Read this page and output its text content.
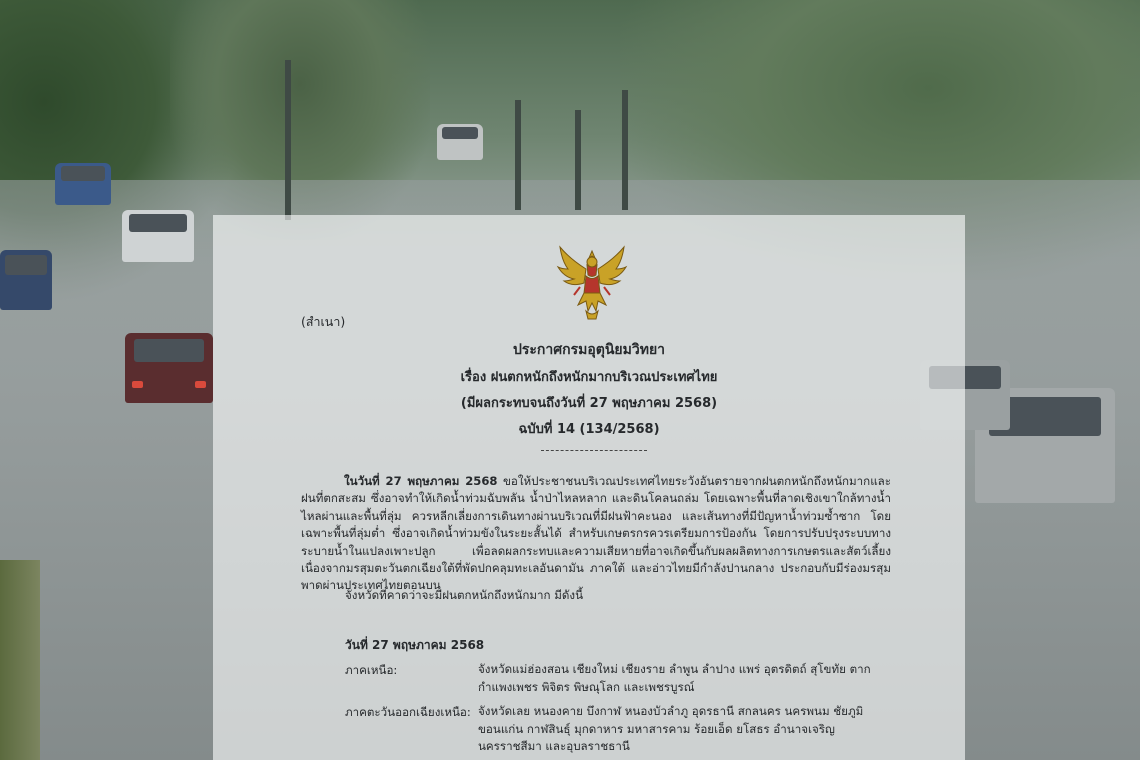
(สำเนา)
ประกาศกรมอุตุนิยมวิทยา
เรื่อง ฝนตกหนักถึงหนักมากบริเวณประเทศไทย
(มีผลกระทบจนถึงวันที่ 27 พฤษภาคม 2568)
ฉบับที่ 14 (134/2568)
ในวันที่ 27 พฤษภาคม 2568 ขอให้ประชาชนบริเวณประเทศไทยระวังอันตรายจากฝนตกหนักถึงหนักมากและฝนที่ตกสะสม ซึ่งอาจทำให้เกิดน้ำท่วมฉับพลัน น้ำป่าไหลหลาก และดินโคลนถล่ม โดยเฉพาะพื้นที่ลาดเชิงเขาใกล้ทางน้ำไหลผ่านและพื้นที่ลุ่ม ควรหลีกเลี่ยงการเดินทางผ่านบริเวณที่มีฝนฟ้าคะนอง และเส้นทางที่มีปัญหาน้ำท่วมซ้ำซาก โดยเฉพาะพื้นที่ลุ่มต่ำ ซึ่งอาจเกิดน้ำท่วมขังในระยะสั้นได้ สำหรับเกษตรกรควรเตรียมการป้องกัน โดยการปรับปรุงระบบทางระบายน้ำในแปลงเพาะปลูก เพื่อลดผลกระทบและความเสียหายที่อาจเกิดขึ้นกับผลผลิตทางการเกษตรและสัตว์เลี้ยง เนื่องจากมรสุมตะวันตกเฉียงใต้ที่พัดปกคลุมทะเลอันดามัน ภาคใต้ และอ่าวไทยมีกำลังปานกลาง ประกอบกับมีร่องมรสุมพาดผ่านประเทศไทยตอนบน
จังหวัดที่คาดว่าจะมีฝนตกหนักถึงหนักมาก มีดังนี้
วันที่ 27 พฤษภาคม 2568
ภาคเหนือ:	จังหวัดแม่ฮ่องสอน เชียงใหม่ เชียงราย ลำพูน ลำปาง แพร่ อุตรดิตถ์ สุโขทัย ตาก กำแพงเพชร พิจิตร พิษณุโลก และเพชรบูรณ์
ภาคตะวันออกเฉียงเหนือ: จังหวัดเลย หนองคาย บึงกาฬ หนองบัวลำภู อุดรธานี สกลนคร นครพนม ชัยภูมิ ขอนแก่น กาฬสินธุ์ มุกดาหาร มหาสารคาม ร้อยเอ็ด ยโสธร อำนาจเจริญ นครราชสีมา และอุบลราชธานี
